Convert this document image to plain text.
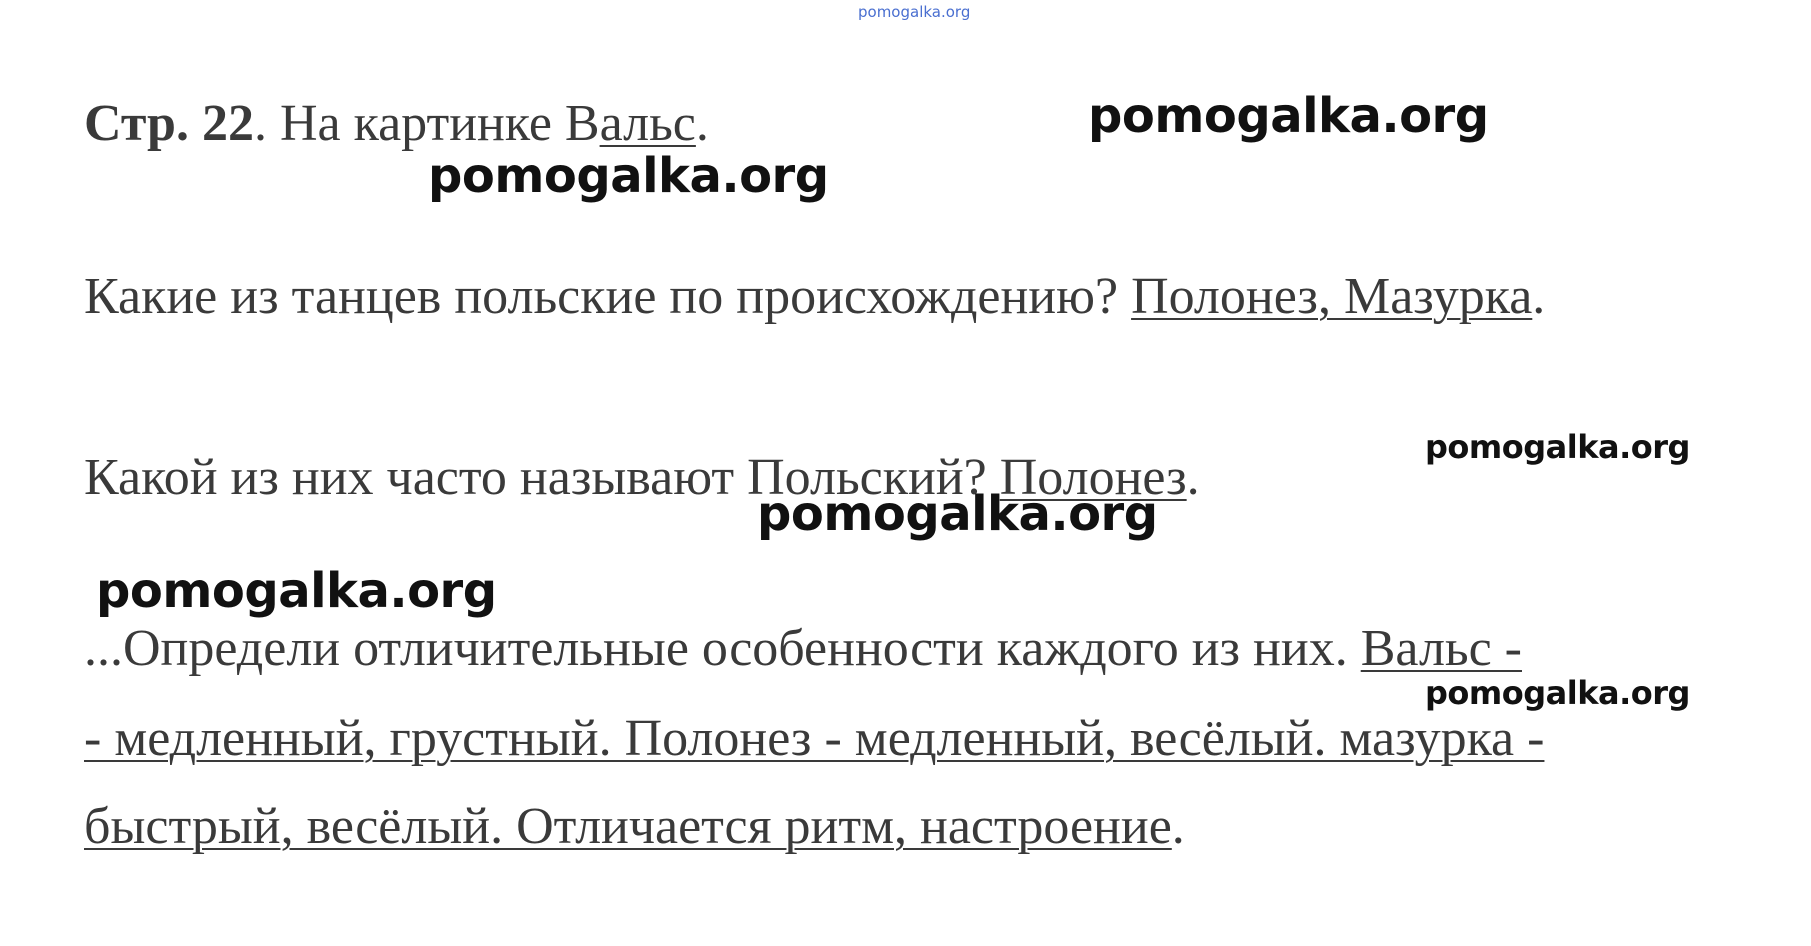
pomogalka.org
Стр. 22. На картинке Вальс.	pomogalka.org
pomogalka.org
Какие из танцев польские по происхождению? Полонез, Мазурка.
pomogalka.org
Какой из них часто называют Польский? Полонез.
pomogalka.org
pomogalka.org
...Определи отличительные особенности каждого из них. Вальс -
pomogalka.org
- медленный, грустный. Полонез - медленный, весёлый. мазурка -
быстрый, весёлый. Отличается ритм, настроение.
